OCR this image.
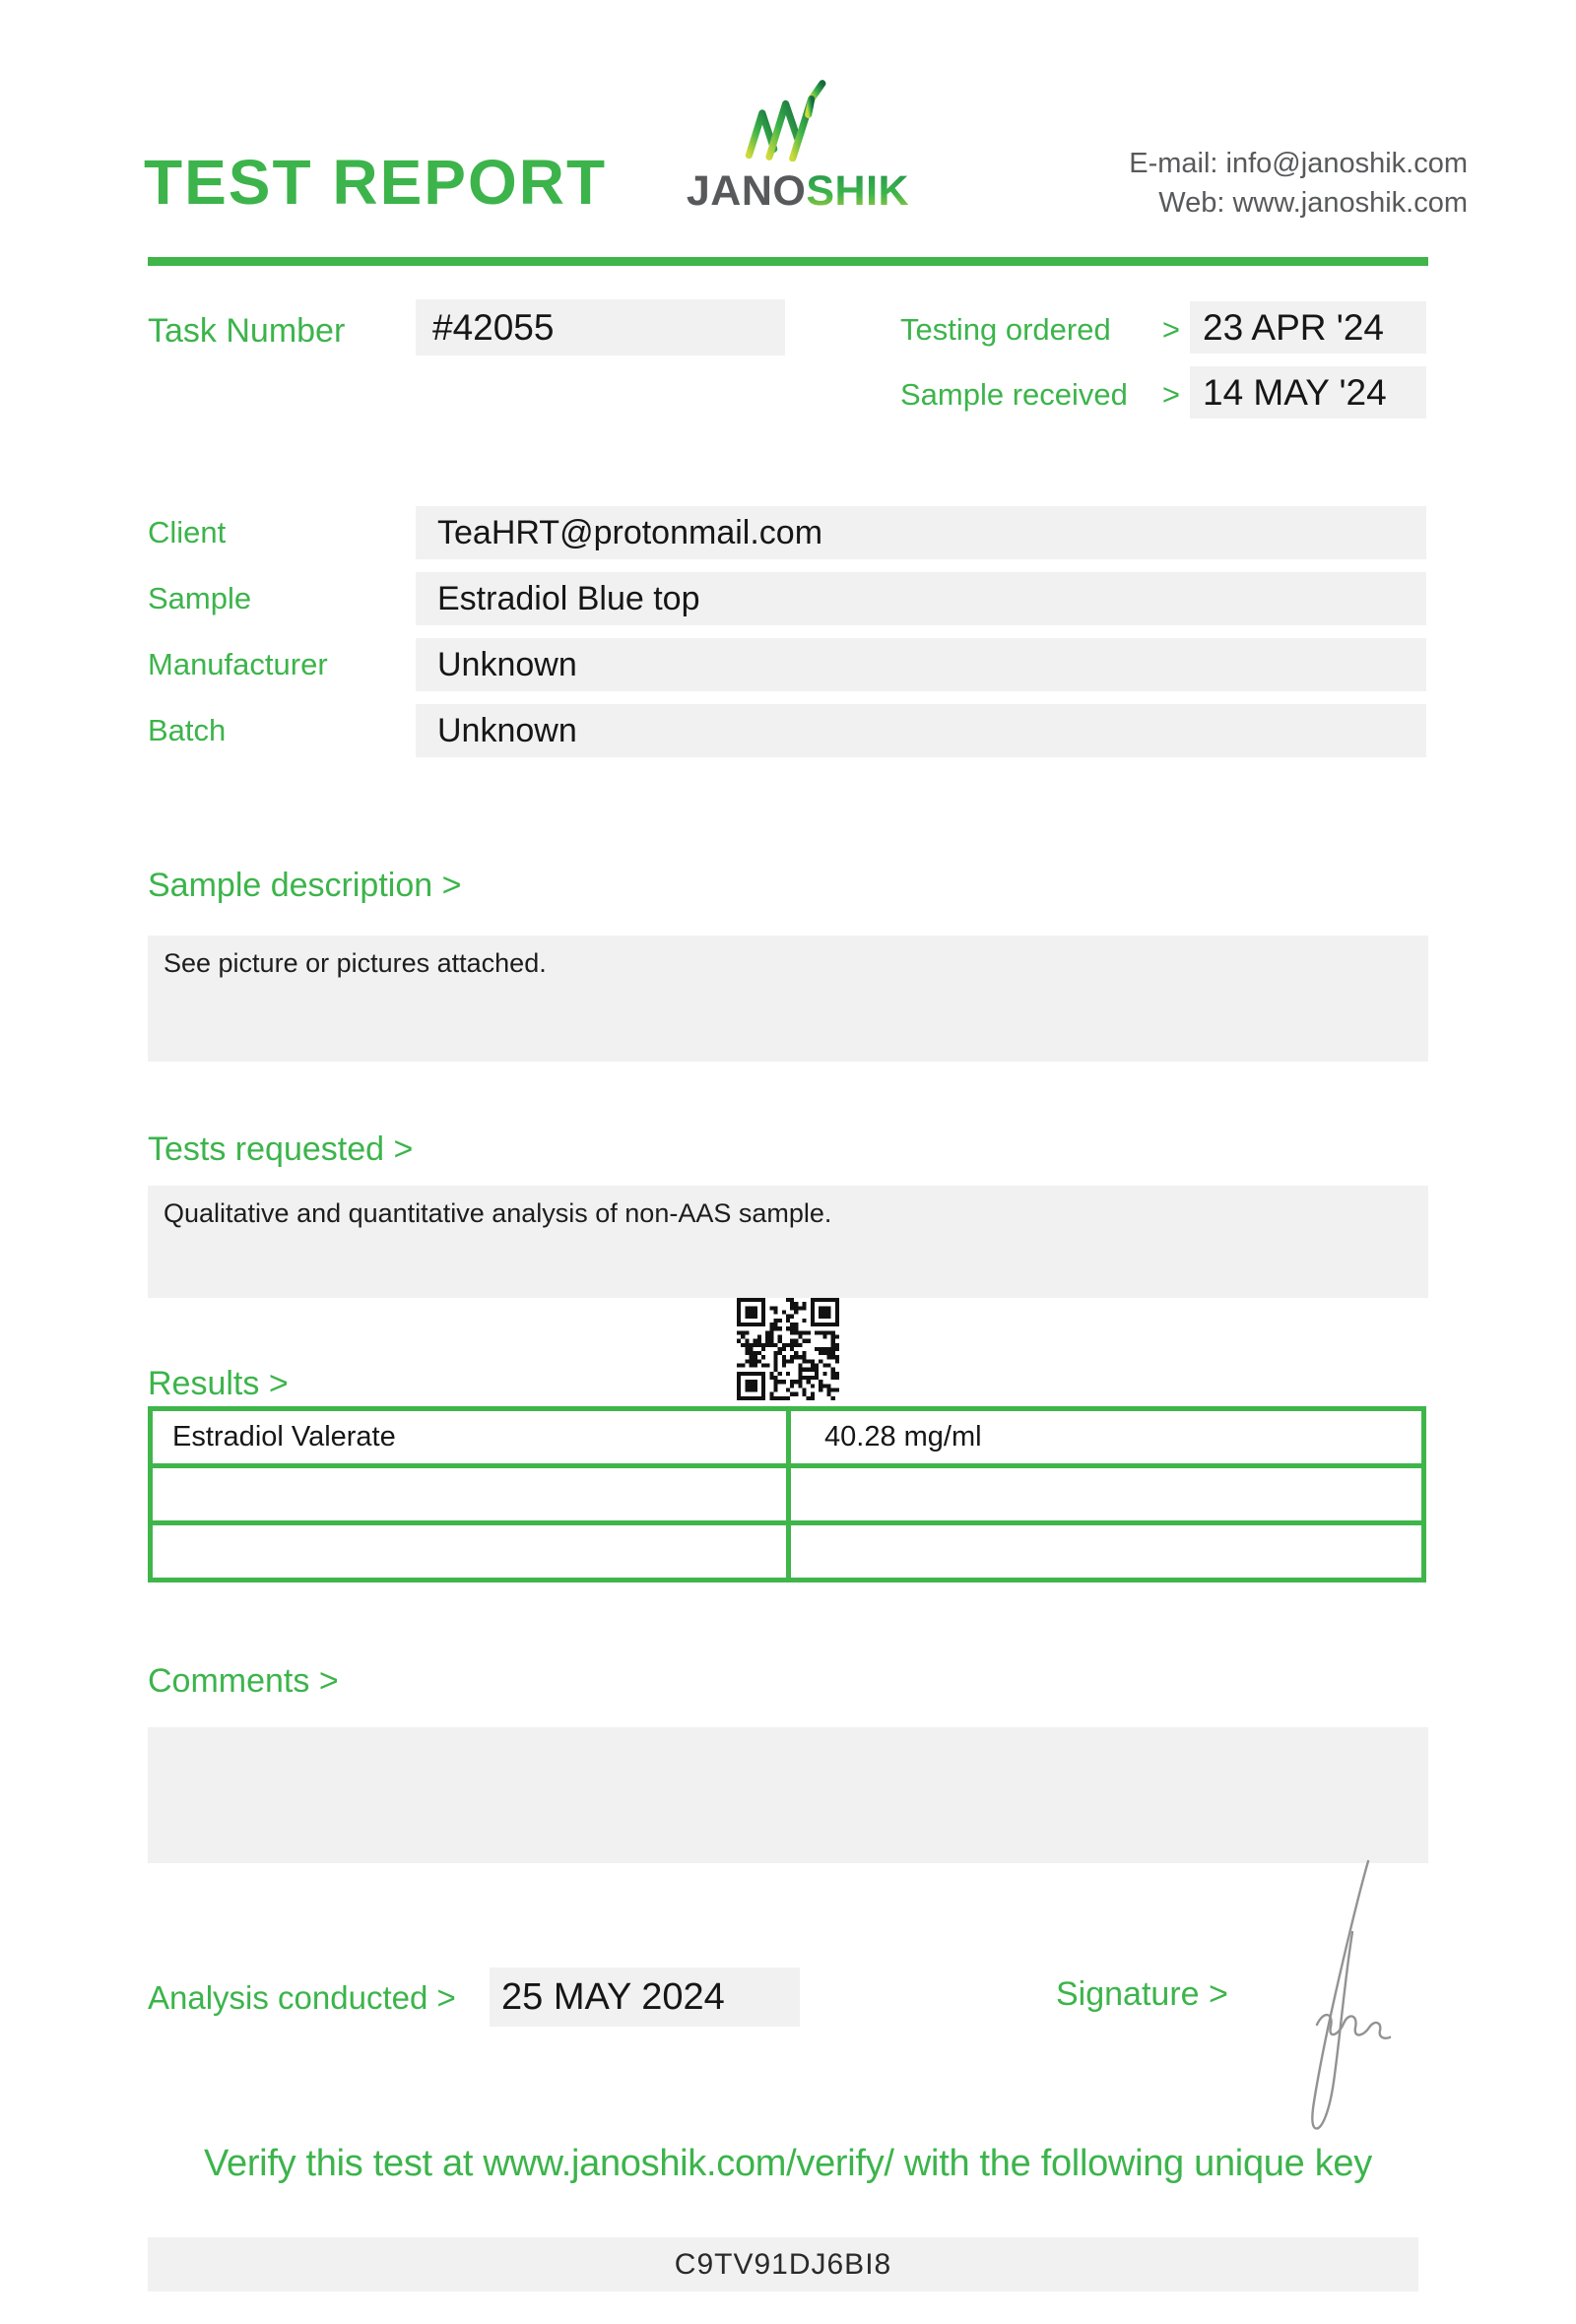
TEST REPORT JANOSHIK
E-mail: info@janoshik.com
Web: www.janoshik.com
Task Number	#42055	Testing ordered > 23 APR '24
Sample received > 14 MAY '24
Client	TeaHRT@protonmail.com
Sample	Estradiol Blue top
Manufacturer	Unknown
Batch	Unknown
Sample description >
See picture or pictures attached.
Tests requested >
Qualitative and quantitative analysis of non-AAS sample.
Results >
Estradiol Valerate	40.28 mg/ml
Comments >
Analysis conducted >	25 MAY 2024	Signature >
Verify this test at www.janoshik.com/verify/ with the following unique key
C9TV91DJ6BI8
